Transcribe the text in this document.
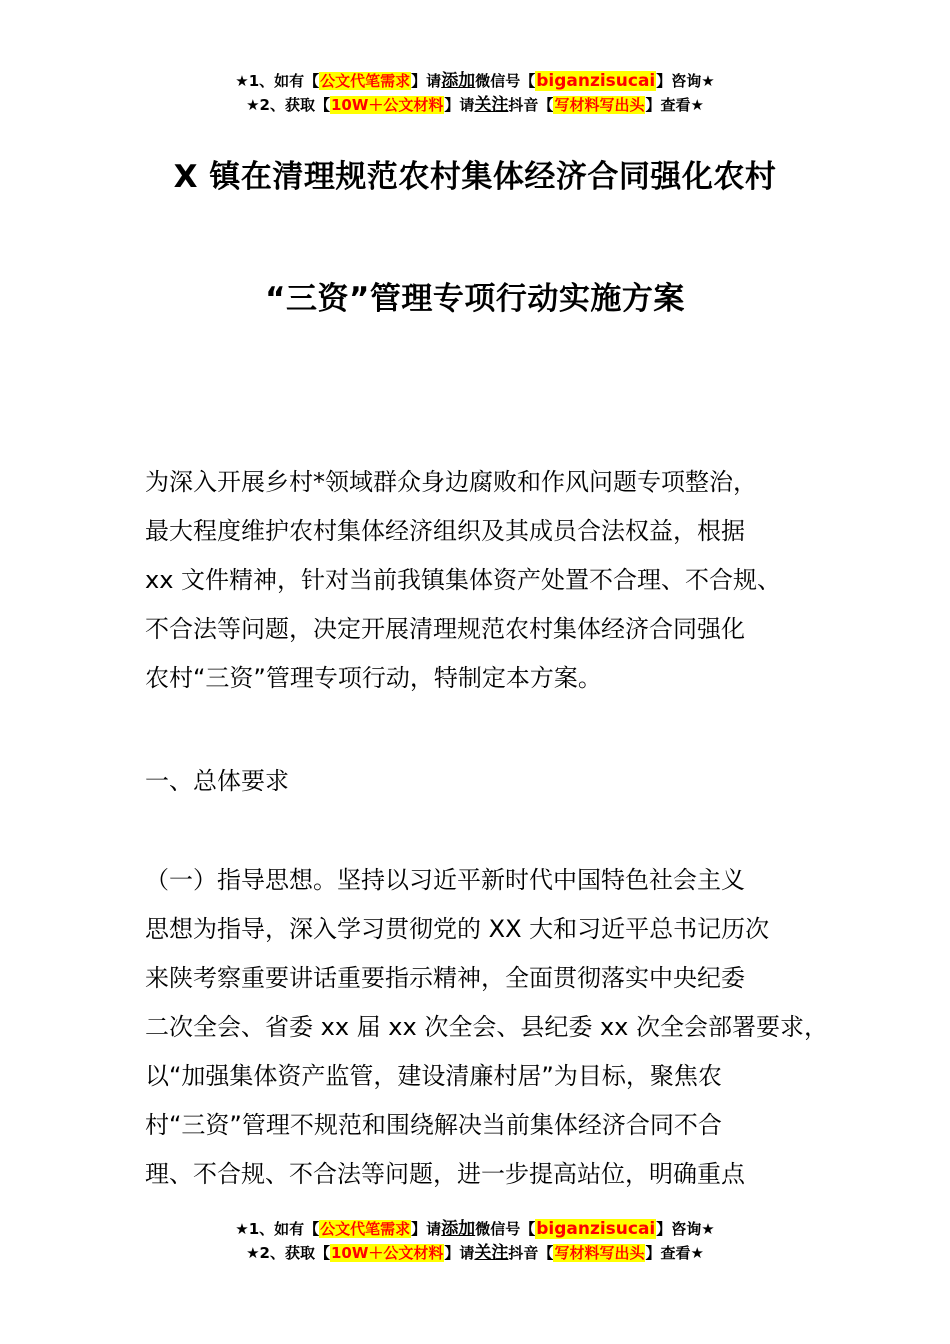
★1、如有【公文代笔需求】请添加微信号【biganzisucai】咨询★
★2、获取【10W＋公文材料】请关注抖音【写材料写出头】查看★
X 镇在清理规范农村集体经济合同强化农村
“三资”管理专项行动实施方案
为深入开展乡村*领域群众身边腐败和作风问题专项整治，
最大程度维护农村集体经济组织及其成员合法权益，根据
xx 文件精神，针对当前我镇集体资产处置不合理、不合规、
不合法等问题，决定开展清理规范农村集体经济合同强化
农村“三资”管理专项行动，特制定本方案。
一、总体要求
（一）指导思想。坚持以习近平新时代中国特色社会主义
思想为指导，深入学习贯彻党的 XX 大和习近平总书记历次
来陕考察重要讲话重要指示精神，全面贯彻落实中央纪委
二次全会、省委 xx 届 xx 次全会、县纪委 xx 次全会部署要求，
以“加强集体资产监管，建设清廉村居”为目标，聚焦农
村“三资”管理不规范和围绕解决当前集体经济合同不合
理、不合规、不合法等问题，进一步提高站位，明确重点
★1、如有【公文代笔需求】请添加微信号【biganzisucai】咨询★
★2、获取【10W＋公文材料】请关注抖音【写材料写出头】查看★
